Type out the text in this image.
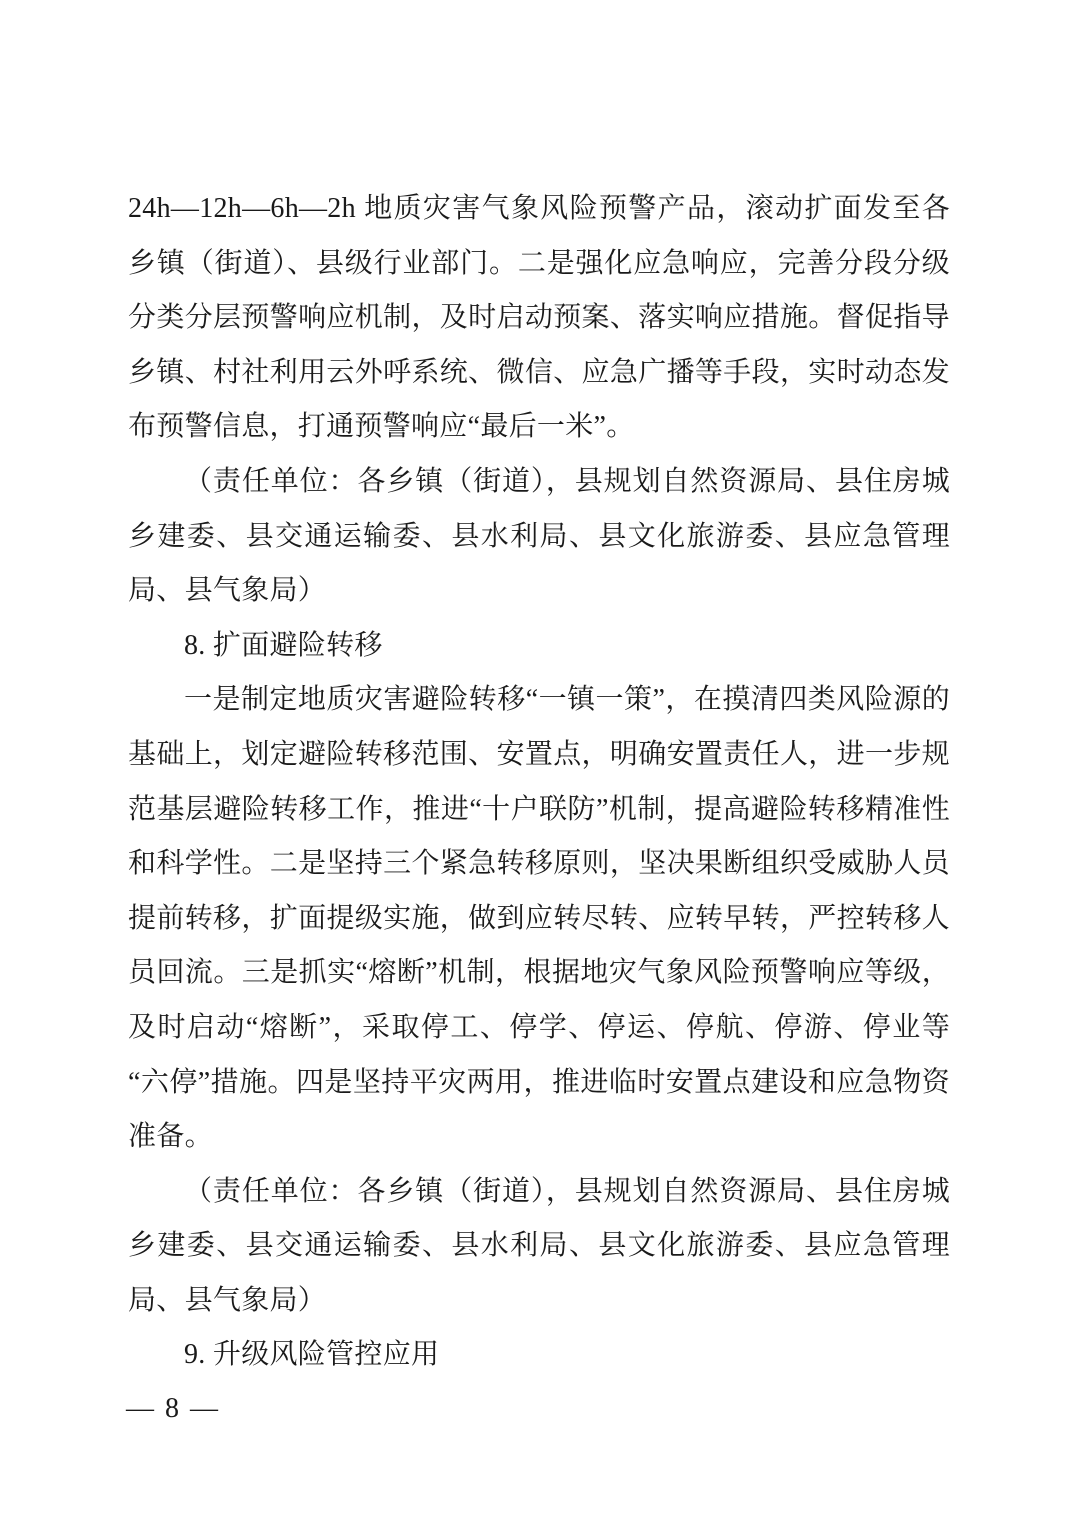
24h—12h—6h—2h 地质灾害气象风险预警产品，滚动扩面发至各乡镇（街道）、县级行业部门。二是强化应急响应，完善分段分级分类分层预警响应机制，及时启动预案、落实响应措施。督促指导乡镇、村社利用云外呼系统、微信、应急广播等手段，实时动态发布预警信息，打通预警响应“最后一米”。

（责任单位：各乡镇（街道），县规划自然资源局、县住房城乡建委、县交通运输委、县水利局、县文化旅游委、县应急管理局、县气象局）

8. 扩面避险转移

一是制定地质灾害避险转移“一镇一策”，在摸清四类风险源的基础上，划定避险转移范围、安置点，明确安置责任人，进一步规范基层避险转移工作，推进“十户联防”机制，提高避险转移精准性和科学性。二是坚持三个紧急转移原则，坚决果断组织受威胁人员提前转移，扩面提级实施，做到应转尽转、应转早转，严控转移人员回流。三是抓实“熔断”机制，根据地灾气象风险预警响应等级，及时启动“熔断”，采取停工、停学、停运、停航、停游、停业等“六停”措施。四是坚持平灾两用，推进临时安置点建设和应急物资准备。

（责任单位：各乡镇（街道），县规划自然资源局、县住房城乡建委、县交通运输委、县水利局、县文化旅游委、县应急管理局、县气象局）

9. 升级风险管控应用

— 8 —
